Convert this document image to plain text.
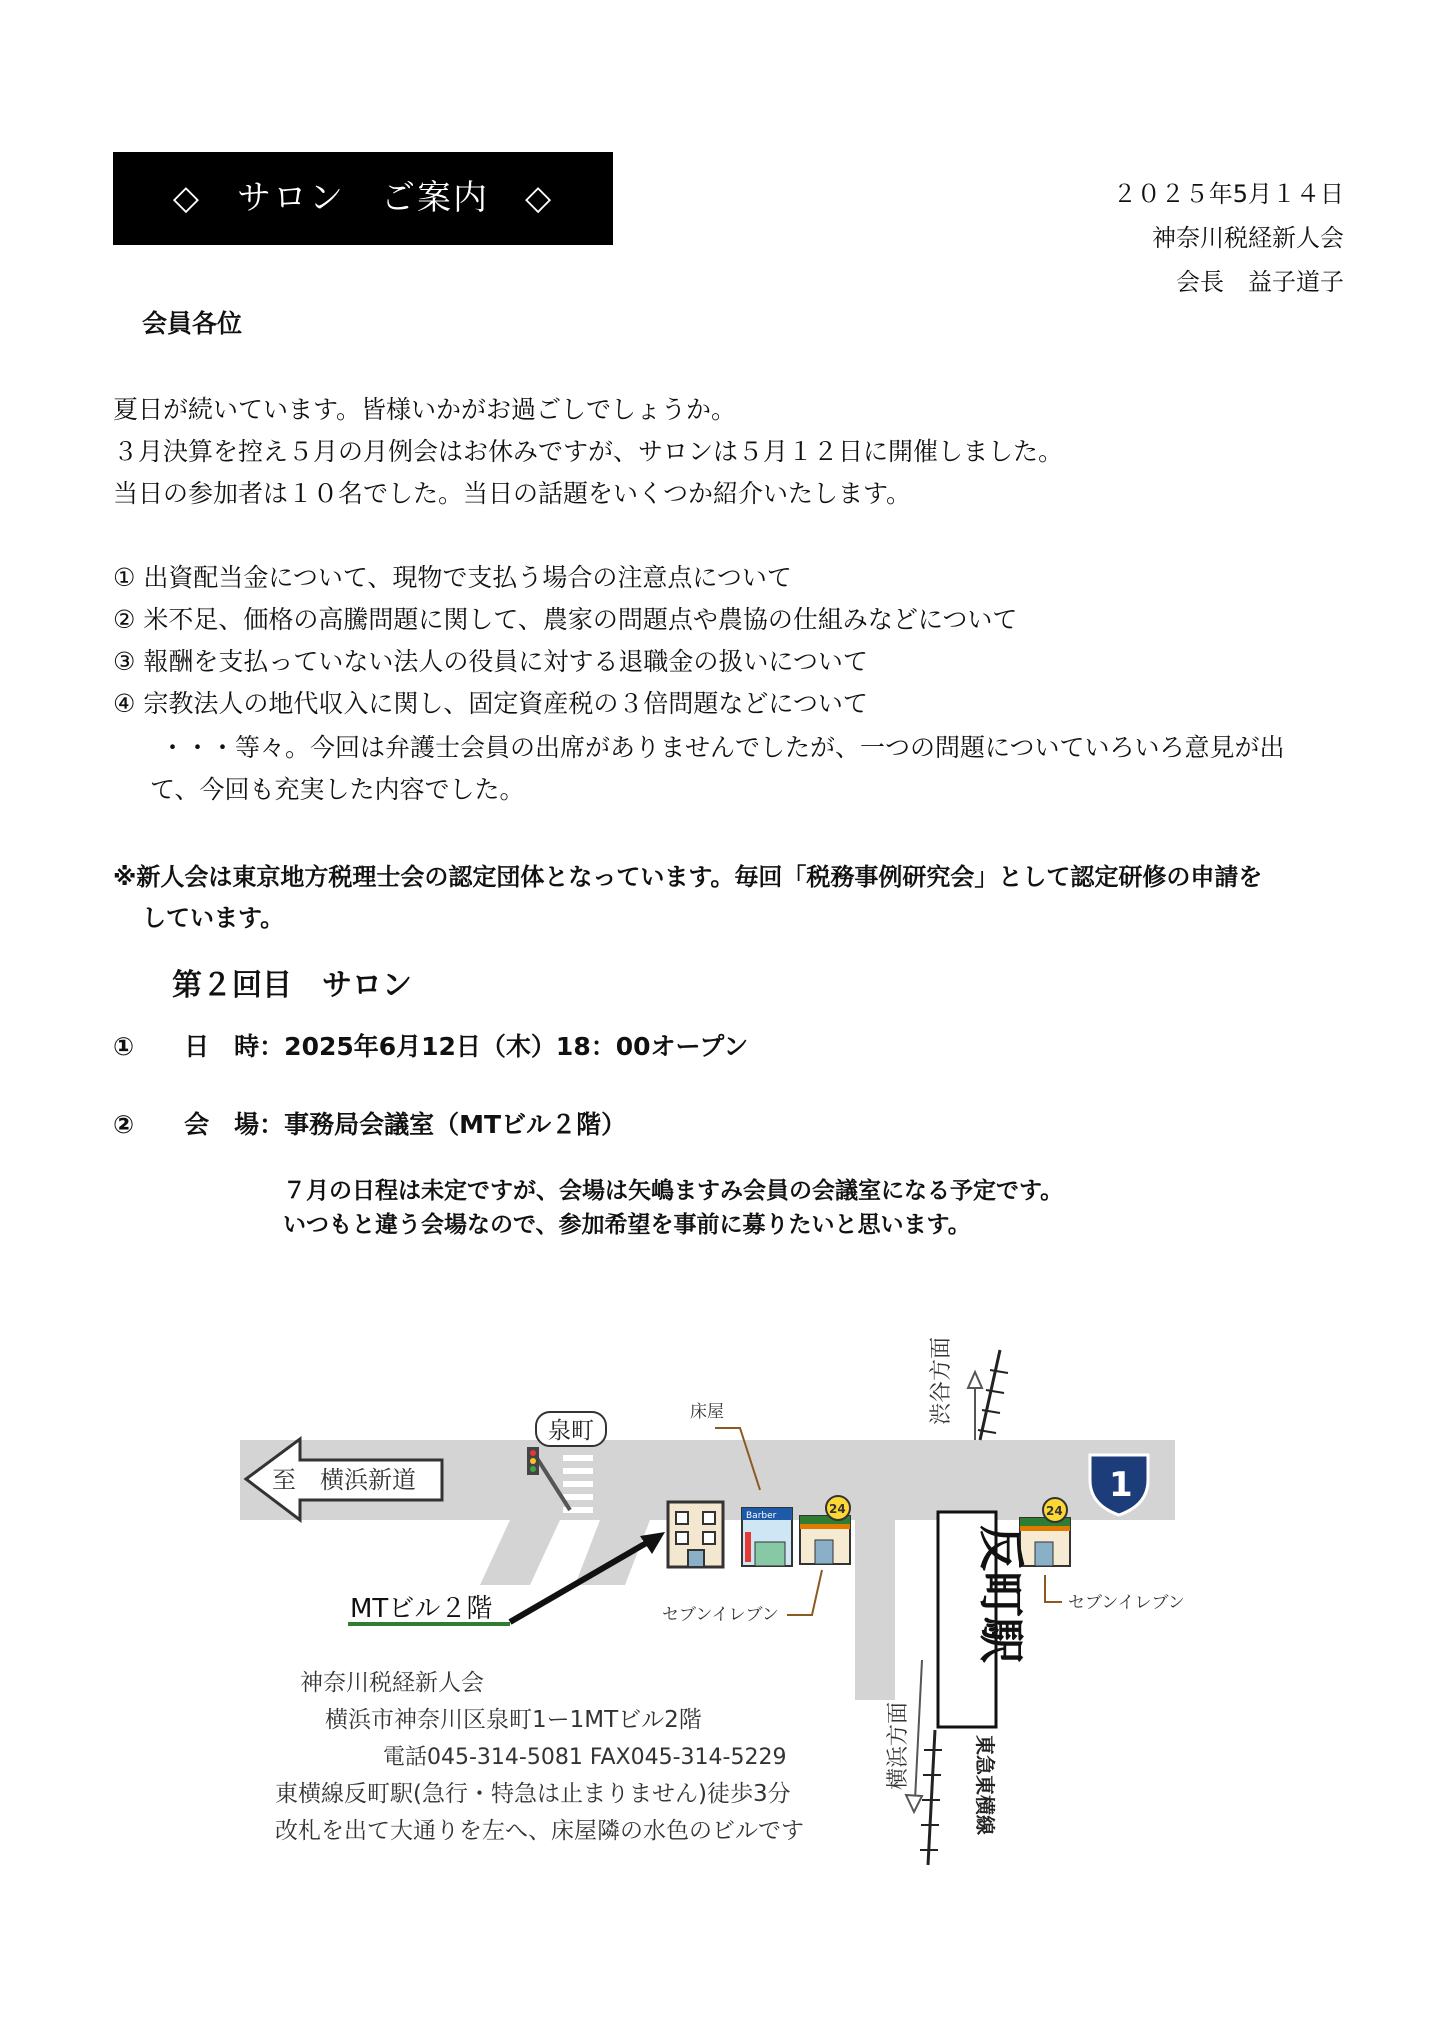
◇　サロン　ご案内　◇	２０２５年5月１４日
神奈川税経新人会
会長　益子道子
会員各位
夏日が続いています。皆様いかがお過ごしでしょうか。
３月決算を控え５月の月例会はお休みですが、サロンは５月１２日に開催しました。
当日の参加者は１０名でした。当日の話題をいくつか紹介いたします。
① 出資配当金について、現物で支払う場合の注意点について
② 米不足、価格の高騰問題に関して、農家の問題点や農協の仕組みなどについて
③ 報酬を支払っていない法人の役員に対する退職金の扱いについて
④ 宗教法人の地代収入に関し、固定資産税の３倍問題などについて
・・・等々。今回は弁護士会員の出席がありませんでしたが、一つの問題についていろいろ意見が出
て、今回も充実した内容でした。
※新人会は東京地方税理士会の認定団体となっています。毎回「税務事例研究会」として認定研修の申請を
しています。
第２回目　サロン
①　　日　時：2025年6月12日（木）18：00オープン
②　　会　場：事務局会議室（MTビル２階）
７月の日程は未定ですが、会場は矢嶋ますみ会員の会議室になる予定です。
いつもと違う会場なので、参加希望を事前に募りたいと思います。
至　横浜新道
泉町
床屋
Barber	24
セブンイレブン
24
セブンイレブン
1
MTビル２階
渋谷方面
反町駅
東急東横線
横浜方面
神奈川税経新人会
横浜市神奈川区泉町1ー1MTビル2階
電話045-314-5081 FAX045-314-5229
東横線反町駅(急行・特急は止まりません)徒歩3分
改札を出て大通りを左へ、床屋隣の水色のビルです
